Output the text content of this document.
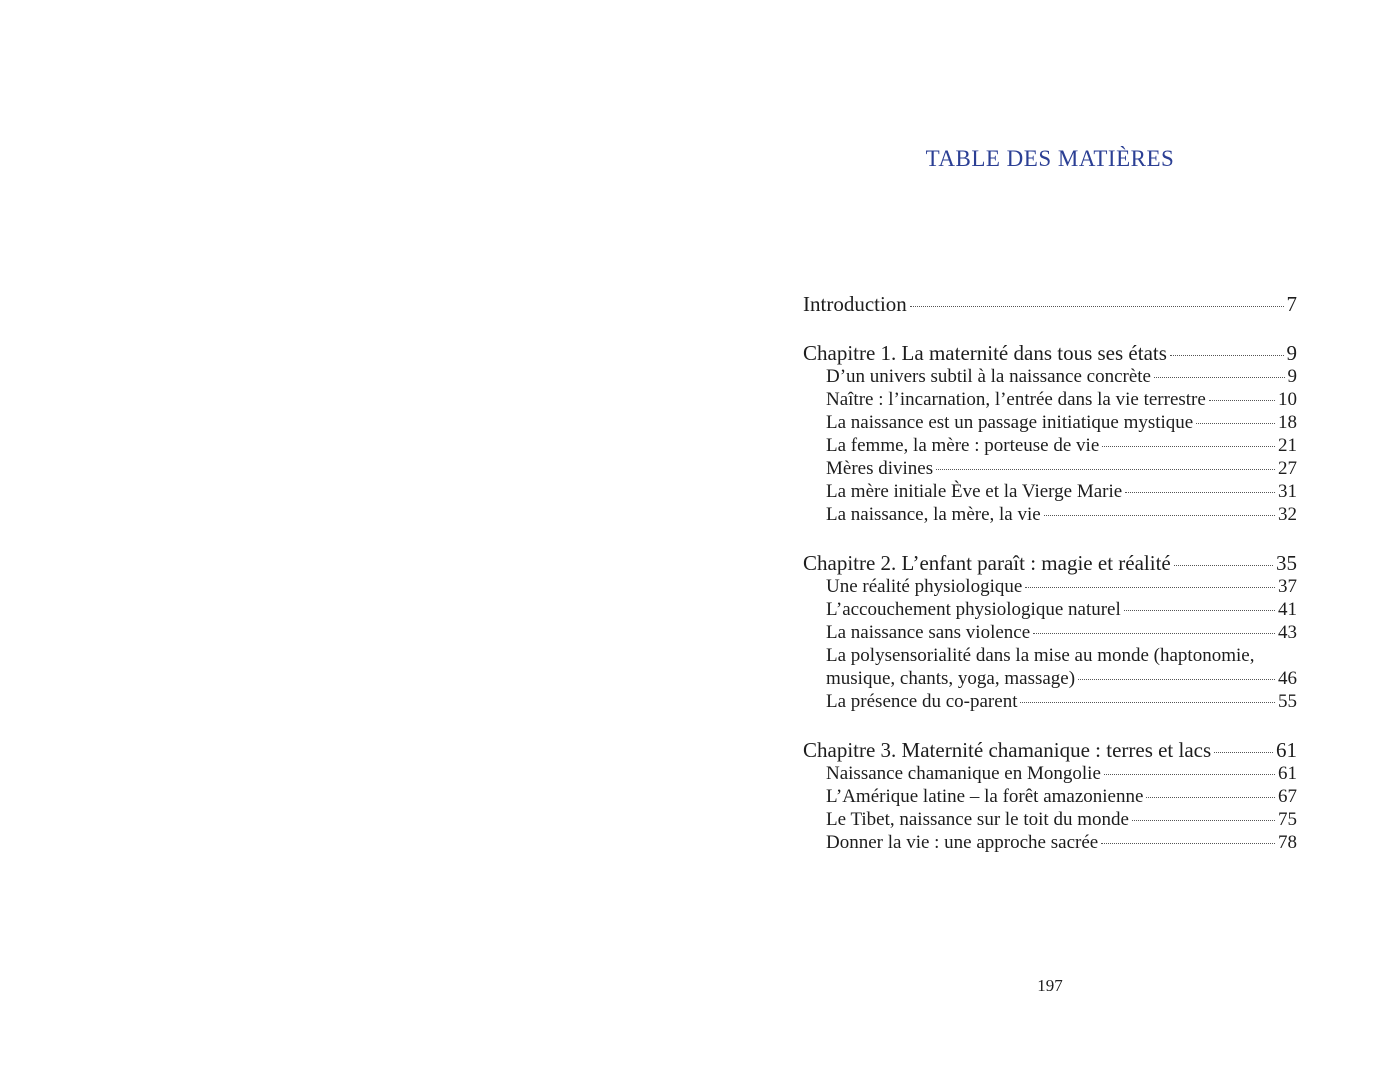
TABLE DES MATIÈRES
Introduction	7
Chapitre 1. La maternité dans tous ses états	9
D’un univers subtil à la naissance concrète	9
Naître : l’incarnation, l’entrée dans la vie terrestre	10
La naissance est un passage initiatique mystique	18
La femme, la mère : porteuse de vie	21
Mères divines	27
La mère initiale Ève et la Vierge Marie	31
La naissance, la mère, la vie	32
Chapitre 2. L’enfant paraît : magie et réalité	35
Une réalité physiologique	37
L’accouchement physiologique naturel	41
La naissance sans violence	43
La polysensorialité dans la mise au monde (haptonomie,
musique, chants, yoga, massage)	46
La présence du co-parent	55
Chapitre 3. Maternité chamanique : terres et lacs	61
Naissance chamanique en Mongolie	61
L’Amérique latine – la forêt amazonienne	67
Le Tibet, naissance sur le toit du monde	75
Donner la vie : une approche sacrée	78
197
